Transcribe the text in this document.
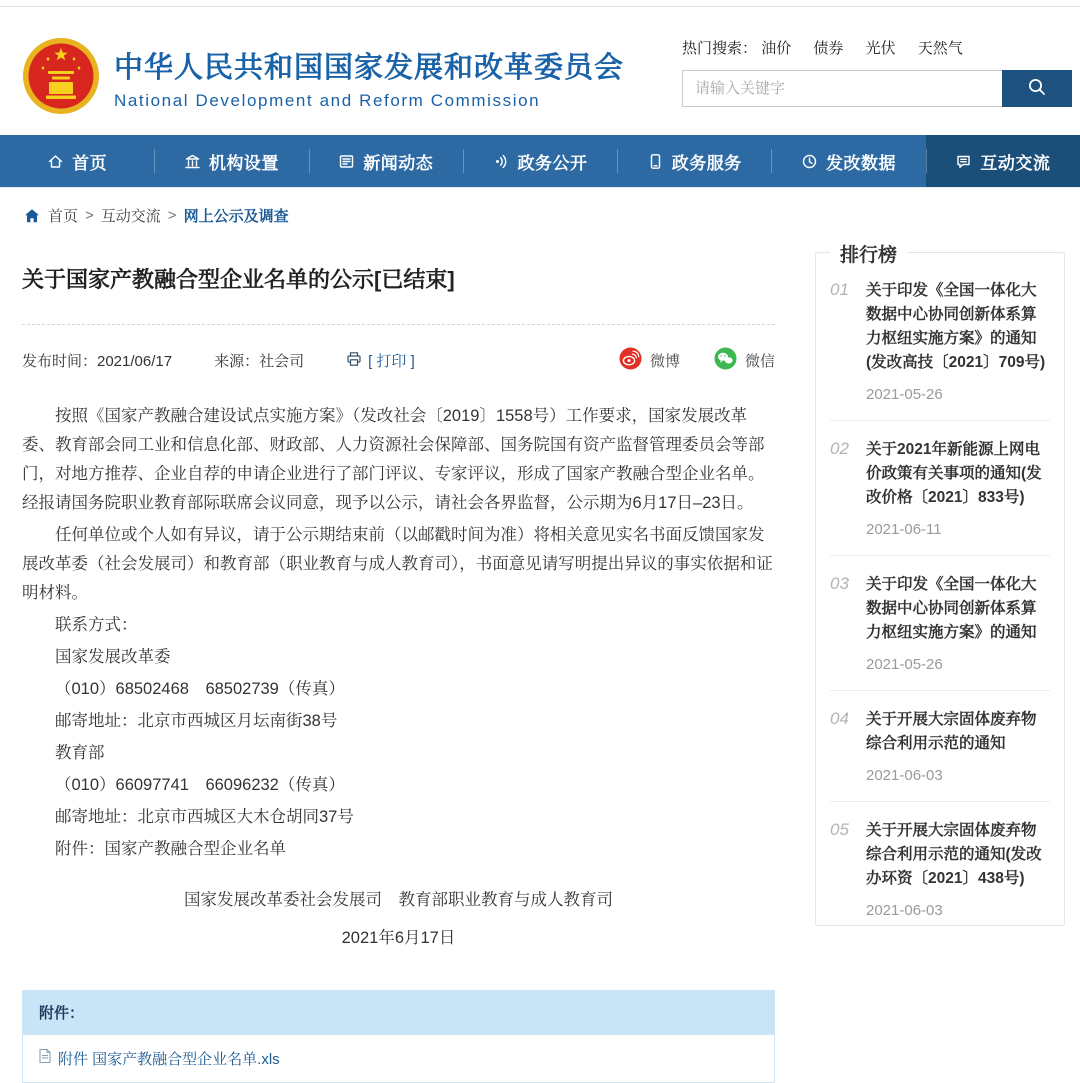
中华人民共和国国家发展和改革委员会
National Development and Reform Commission
热门搜索： 油价 债券 光伏 天然气
请输入关键字
首页	机构设置	新闻动态	政务公开	政务服务	发改数据	互动交流
首页 > 互动交流 > 网上公示及调查
关于国家产教融合型企业名单的公示[已结束]
发布时间：2021/06/17	来源：社会司	[ 打印 ]	微博	微信

按照《国家产教融合建设试点实施方案》（发改社会〔2019〕1558号）工作要求，国家发展改革委、教育部会同工业和信息化部、财政部、人力资源社会保障部、国务院国有资产监督管理委员会等部门，对地方推荐、企业自荐的申请企业进行了部门评议、专家评议，形成了国家产教融合型企业名单。经报请国务院职业教育部际联席会议同意，现予以公示，请社会各界监督，公示期为6月17日–23日。

任何单位或个人如有异议，请于公示期结束前（以邮戳时间为准）将相关意见实名书面反馈国家发展改革委（社会发展司）和教育部（职业教育与成人教育司），书面意见请写明提出异议的事实依据和证明材料。

联系方式：

国家发展改革委

（010）68502468　68502739（传真）

邮寄地址：北京市西城区月坛南街38号

教育部

（010）66097741　66096232（传真）

邮寄地址：北京市西城区大木仓胡同37号

附件：国家产教融合型企业名单

国家发展改革委社会发展司　教育部职业教育与成人教育司
2021年6月17日
附件：
附件 国家产教融合型企业名单.xls
排行榜
01	关于印发《全国一体化大数据中心协同创新体系算力枢纽实施方案》的通知(发改高技〔2021〕709号)
2021-05-26
02	关于2021年新能源上网电价政策有关事项的通知(发改价格〔2021〕833号)
2021-06-11
03	关于印发《全国一体化大数据中心协同创新体系算力枢纽实施方案》的通知
2021-05-26
04	关于开展大宗固体废弃物综合利用示范的通知
2021-06-03
05	关于开展大宗固体废弃物综合利用示范的通知(发改办环资〔2021〕438号)
2021-06-03
